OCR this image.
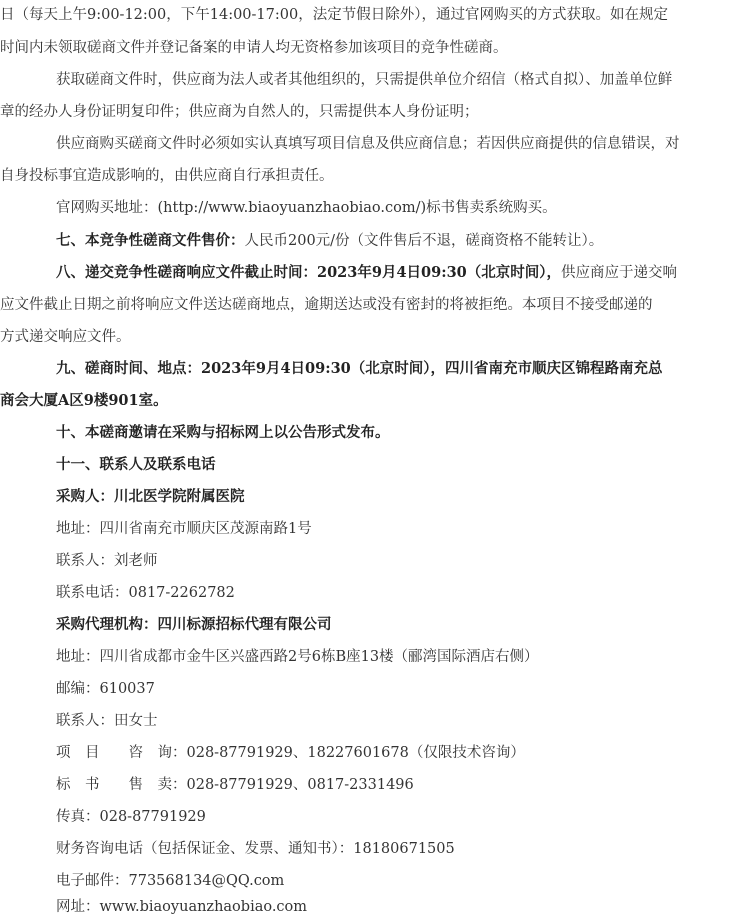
日（每天上午9:00-12:00，下午14:00-17:00，法定节假日除外），通过官网购买的方式获取。如在规定
时间内未领取磋商文件并登记备案的申请人均无资格参加该项目的竞争性磋商。
获取磋商文件时，供应商为法人或者其他组织的，只需提供单位介绍信（格式自拟）、加盖单位鲜
章的经办人身份证明复印件；供应商为自然人的，只需提供本人身份证明；
供应商购买磋商文件时必须如实认真填写项目信息及供应商信息；若因供应商提供的信息错误，对
自身投标事宜造成影响的，由供应商自行承担责任。
官网购买地址：(http://www.biaoyuanzhaobiao.com/)标书售卖系统购买。
七、本竞争性磋商文件售价：人民币200元/份（文件售后不退，磋商资格不能转让）。
八、递交竞争性磋商响应文件截止时间：2023年9月4日09:30（北京时间），供应商应于递交响
应文件截止日期之前将响应文件送达磋商地点，逾期送达或没有密封的将被拒绝。本项目不接受邮递的
方式递交响应文件。
九、磋商时间、地点：2023年9月4日09:30（北京时间），四川省南充市顺庆区锦程路南充总
商会大厦A区9楼901室。
十、本磋商邀请在采购与招标网上以公告形式发布。
十一、联系人及联系电话
采购人：川北医学院附属医院
地址：四川省南充市顺庆区茂源南路1号
联系人：刘老师
联系电话：0817-2262782
采购代理机构：四川标源招标代理有限公司
地址：四川省成都市金牛区兴盛西路2号6栋B座13楼（郦湾国际酒店右侧）
邮编：610037
联系人：田女士
项　目　　咨　询：028-87791929、18227601678（仅限技术咨询）
标　书　　售　卖：028-87791929、0817-2331496
传真：028-87791929
财务咨询电话（包括保证金、发票、通知书）：18180671505
电子邮件：773568134@QQ.com
网址：www.biaoyuanzhaobiao.com
